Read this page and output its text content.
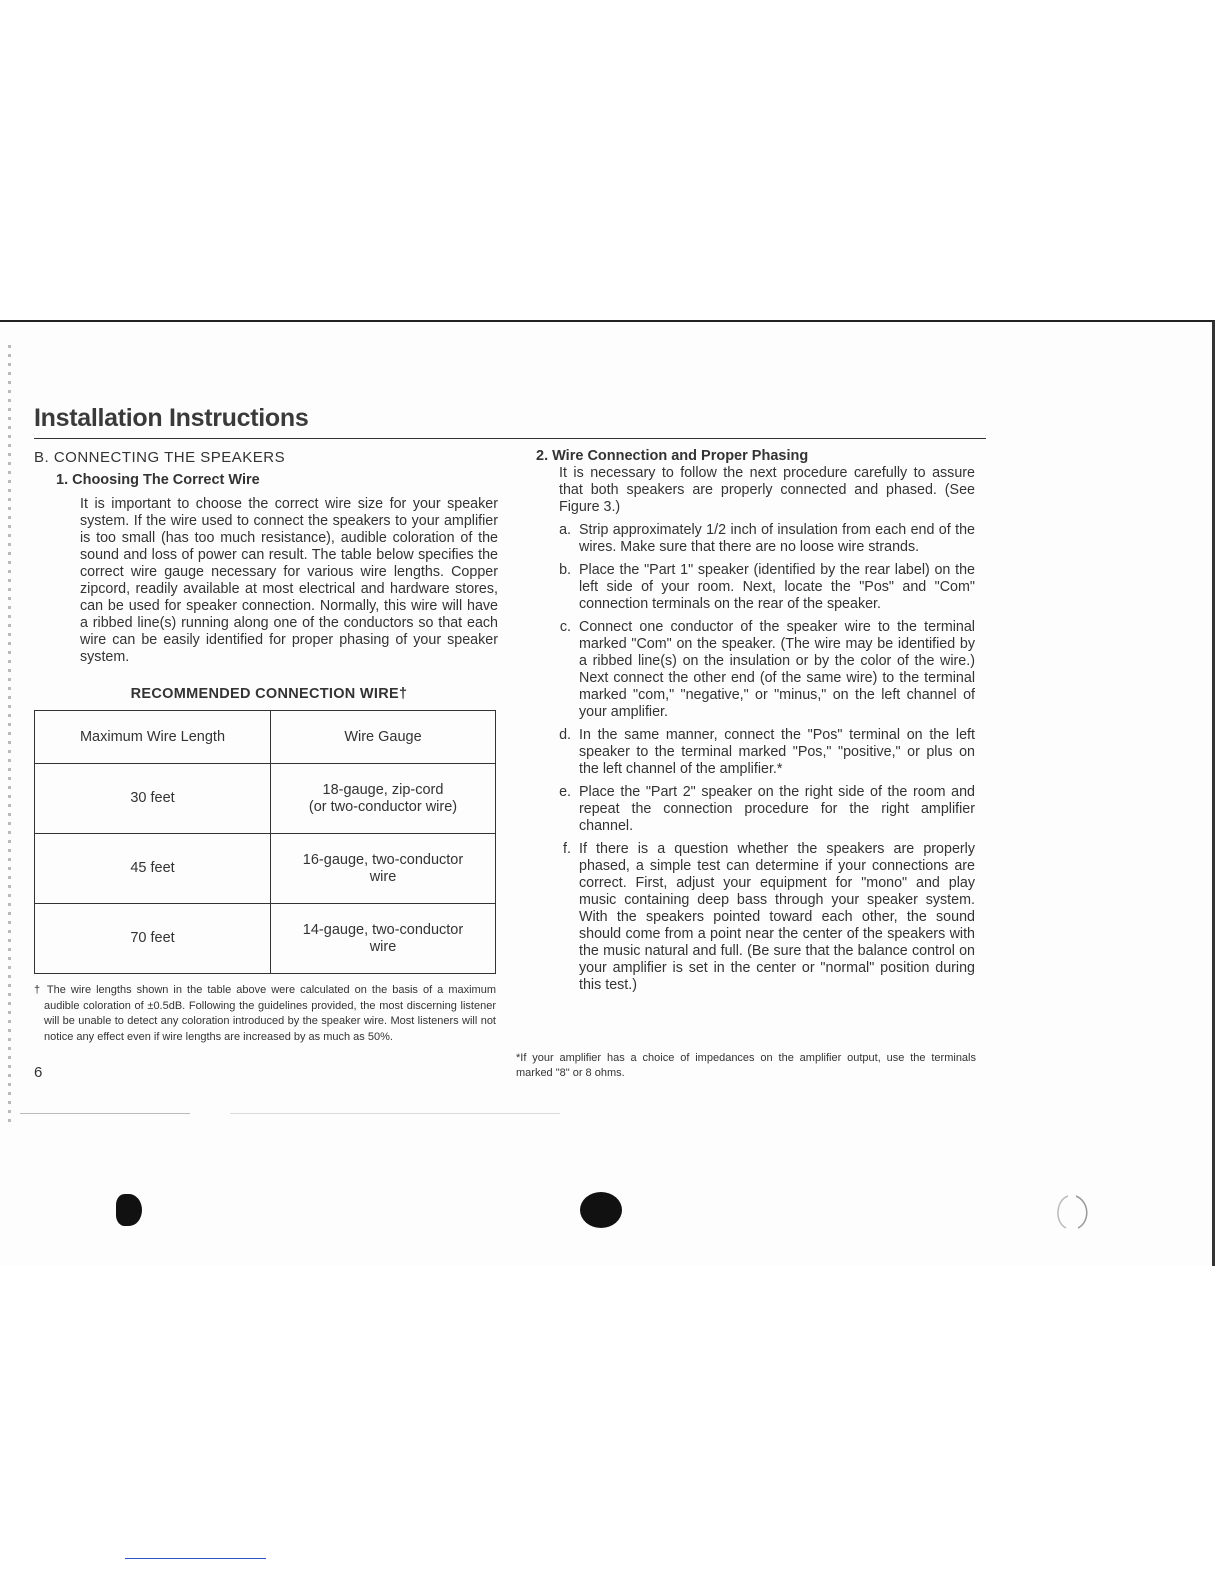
Installation Instructions
B. CONNECTING THE SPEAKERS
1. Choosing The Correct Wire

It is important to choose the correct wire size for your speaker system. If the wire used to connect the speakers to your amplifier is too small (has too much resistance), audible coloration of the sound and loss of power can result. The table below specifies the correct wire gauge necessary for various wire lengths. Copper zipcord, readily available at most electrical and hardware stores, can be used for speaker connection. Normally, this wire will have a ribbed line(s) running along one of the conductors so that each wire can be easily identified for proper phasing of your speaker system.

RECOMMENDED CONNECTION WIRE†
Maximum Wire Length	Wire Gauge
30 feet	18-gauge, zip-cord
(or two-conductor wire)
45 feet	16-gauge, two-conductor
wire
70 feet	14-gauge, two-conductor
wire

† The wire lengths shown in the table above were calculated on the basis of a maximum audible coloration of ±0.5dB. Following the guidelines provided, the most discerning listener will be unable to detect any coloration introduced by the speaker wire. Most listeners will not notice any effect even if wire lengths are increased by as much as 50%.

6
2. Wire Connection and Proper Phasing

It is necessary to follow the next procedure carefully to assure that both speakers are properly connected and phased. (See Figure 3.)

a. Strip approximately 1/2 inch of insulation from each end of the wires. Make sure that there are no loose wire strands.
b. Place the "Part 1" speaker (identified by the rear label) on the left side of your room. Next, locate the "Pos" and "Com" connection terminals on the rear of the speaker.
c. Connect one conductor of the speaker wire to the terminal marked "Com" on the speaker. (The wire may be identified by a ribbed line(s) on the insulation or by the color of the wire.) Next connect the other end (of the same wire) to the terminal marked "com," "negative," or "minus," on the left channel of your amplifier.
d. In the same manner, connect the "Pos" terminal on the left speaker to the terminal marked "Pos," "positive," or plus on the left channel of the amplifier.*
e. Place the "Part 2" speaker on the right side of the room and repeat the connection procedure for the right amplifier channel.
f. If there is a question whether the speakers are properly phased, a simple test can determine if your connections are correct. First, adjust your equipment for "mono" and play music containing deep bass through your speaker system. With the speakers pointed toward each other, the sound should come from a point near the center of the speakers with the music natural and full. (Be sure that the balance control on your amplifier is set in the center or "normal" position during this test.)
*If your amplifier has a choice of impedances on the amplifier output, use the terminals marked "8" or 8 ohms.
